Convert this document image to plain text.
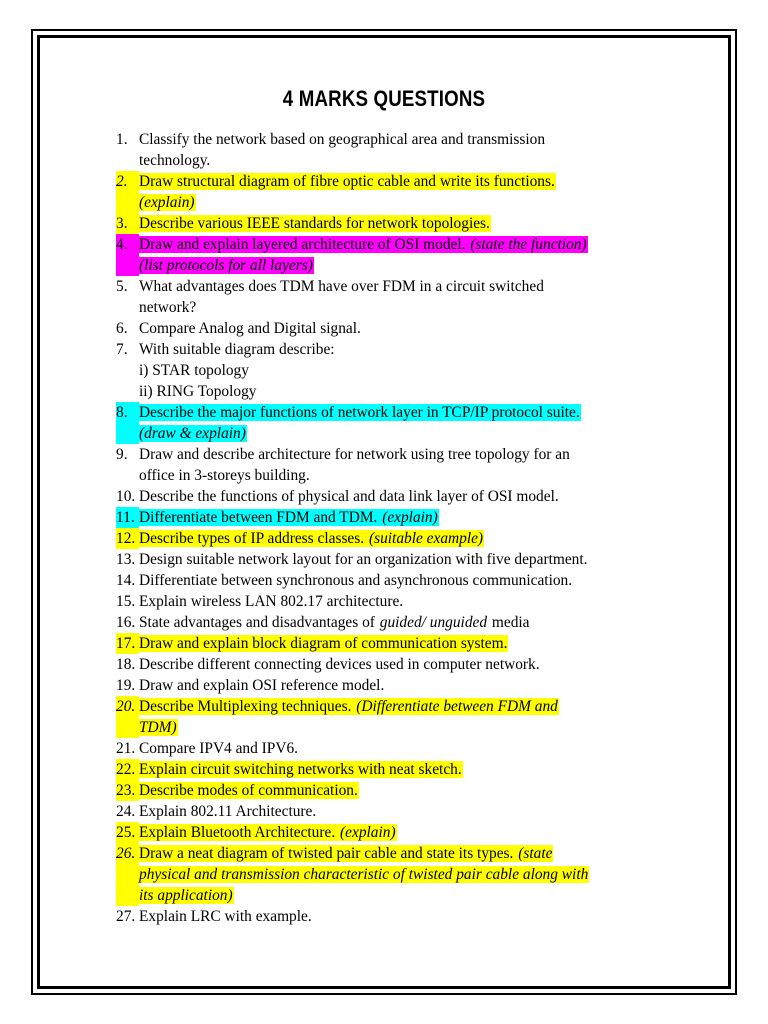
4 MARKS QUESTIONS
1. Classify the network based on geographical area and transmission
technology.
2. Draw structural diagram of fibre optic cable and write its functions.
(explain)
3. Describe various IEEE standards for network topologies.
4. Draw and explain layered architecture of OSI model. (state the function)
(list protocols for all layers)
5. What advantages does TDM have over FDM in a circuit switched
network?
6. Compare Analog and Digital signal.
7. With suitable diagram describe:
i) STAR topology
ii) RING Topology
8. Describe the major functions of network layer in TCP/IP protocol suite.
(draw & explain)
9. Draw and describe architecture for network using tree topology for an
office in 3-storeys building.
10. Describe the functions of physical and data link layer of OSI model.
11. Differentiate between FDM and TDM. (explain)
12. Describe types of IP address classes. (suitable example)
13. Design suitable network layout for an organization with five department.
14. Differentiate between synchronous and asynchronous communication.
15. Explain wireless LAN 802.17 architecture.
16. State advantages and disadvantages of guided/ unguided media
17. Draw and explain block diagram of communication system.
18. Describe different connecting devices used in computer network.
19. Draw and explain OSI reference model.
20. Describe Multiplexing techniques. (Differentiate between FDM and
TDM)
21. Compare IPV4 and IPV6.
22. Explain circuit switching networks with neat sketch.
23. Describe modes of communication.
24. Explain 802.11 Architecture.
25. Explain Bluetooth Architecture. (explain)
26. Draw a neat diagram of twisted pair cable and state its types. (state
physical and transmission characteristic of twisted pair cable along with
its application)
27. Explain LRC with example.
